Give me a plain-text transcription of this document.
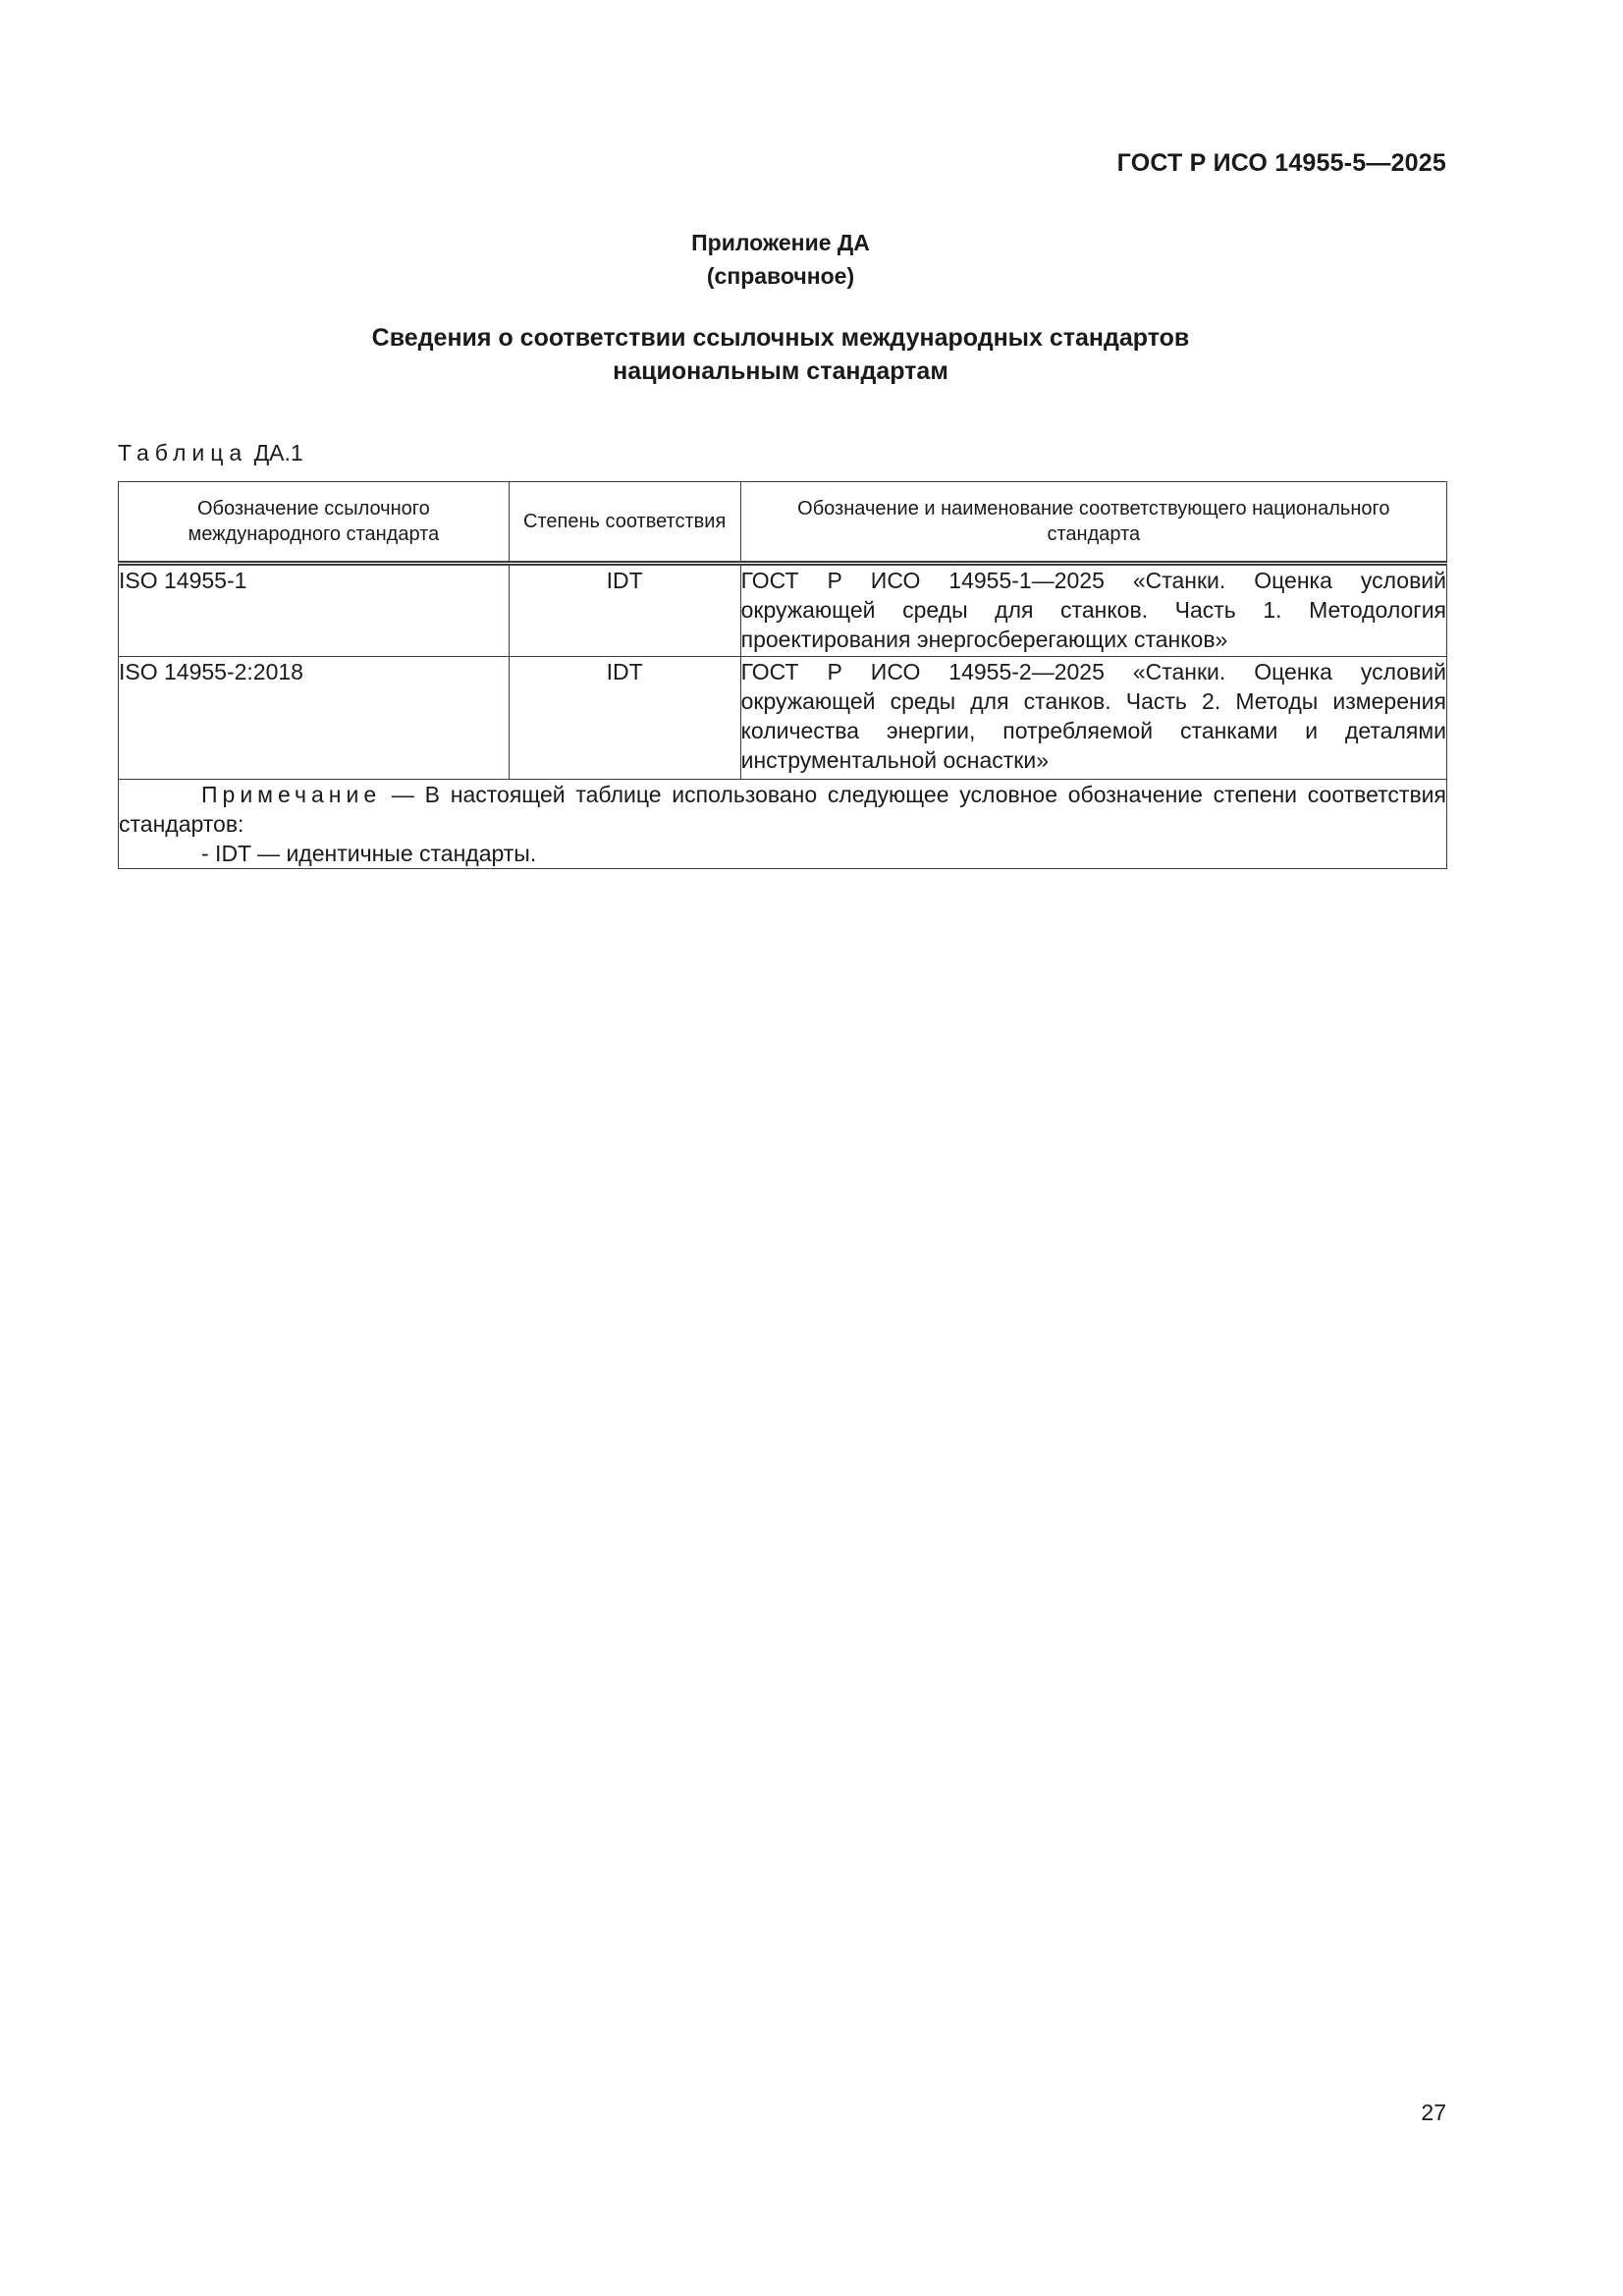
ГОСТ Р ИСО 14955-5—2025
Приложение ДА
(справочное)
Сведения о соответствии ссылочных международных стандартов
национальным стандартам
Таблица ДА.1
Обозначение ссылочного международного стандарта	Степень соответствия	Обозначение и наименование соответствующего национального стандарта
ISO 14955-1	IDT	ГОСТ Р ИСО 14955-1—2025 «Станки. Оценка условий окружающей среды для станков. Часть 1. Методология проектирования энергосберегающих станков»
ISO 14955-2:2018	IDT	ГОСТ Р ИСО 14955-2—2025 «Станки. Оценка условий окружающей среды для станков. Часть 2. Методы измерения количества энергии, потребляемой станками и деталями инструментальной оснастки»

Примечание — В настоящей таблице использовано следующее условное обозначение степени соответствия стандартов:
- IDT — идентичные стандарты.		
27
